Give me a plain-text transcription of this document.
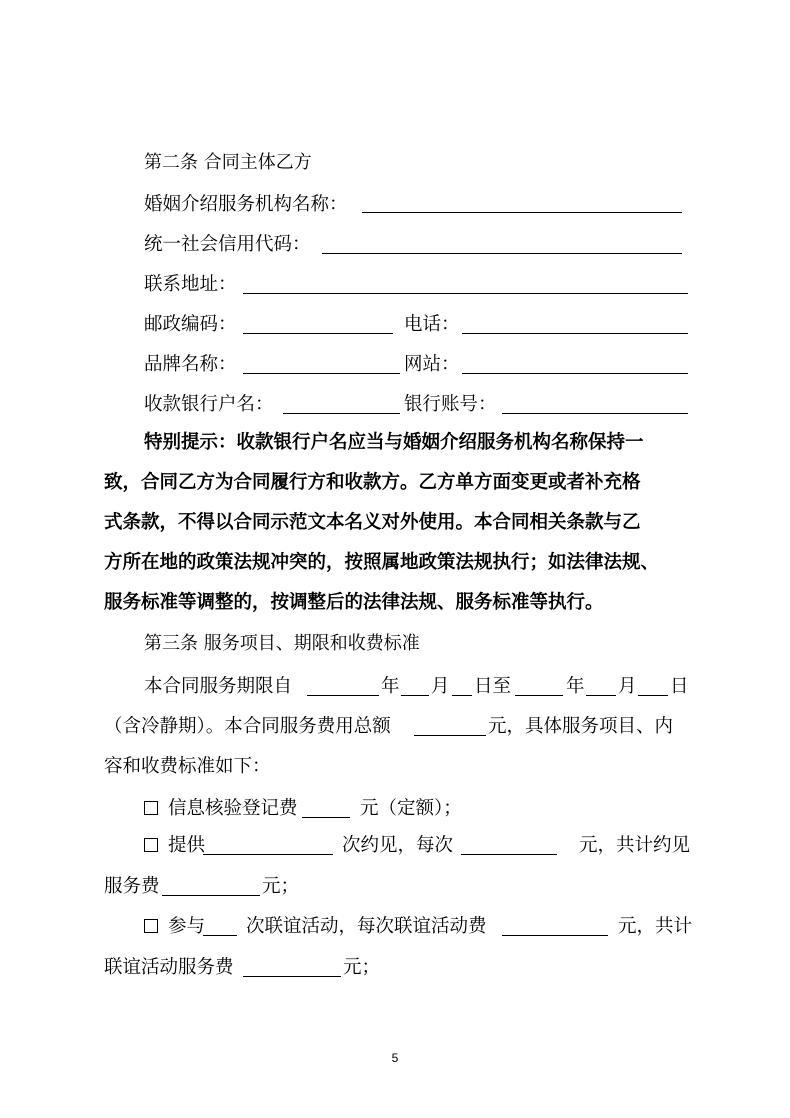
第二条 合同主体乙方
婚姻介绍服务机构名称：
统一社会信用代码：
联系地址：
邮政编码：	电话：
品牌名称：	网站：
收款银行户名：	银行账号：
特别提示：收款银行户名应当与婚姻介绍服务机构名称保持一
致，合同乙方为合同履行方和收款方。乙方单方面变更或者补充格
式条款，不得以合同示范文本名义对外使用。本合同相关条款与乙
方所在地的政策法规冲突的，按照属地政策法规执行；如法律法规、
服务标准等调整的，按调整后的法律法规、服务标准等执行。
第三条 服务项目、期限和收费标准
本合同服务期限自	年 月 日至	年 月 日
（含冷静期）。本合同服务费用总额	元，具体服务项目、内
容和收费标准如下：
信息核验登记费	元（定额）；
提供	次约见，每次	元，共计约见
服务费	元；
参与 次联谊活动，每次联谊活动费	元，共计
联谊活动服务费	元；
5
